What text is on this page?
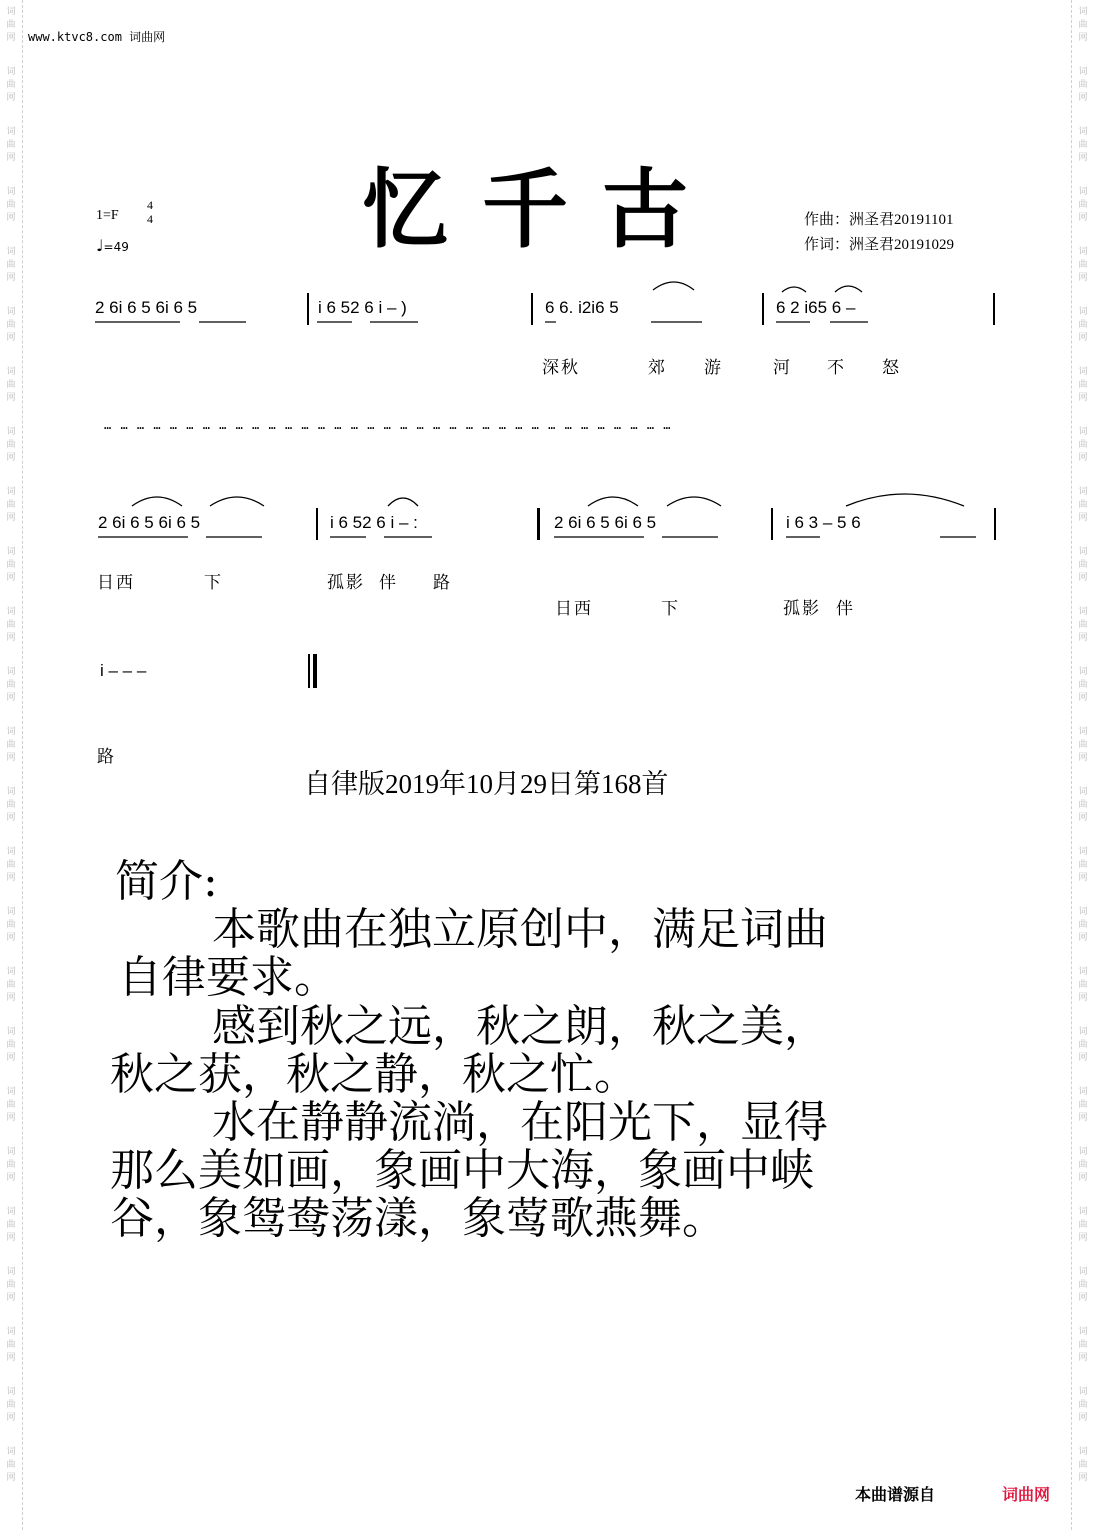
词
曲
网
词
曲
网
词
曲
网
词
曲
网
词
曲
网
词
曲
网
词
曲
网
词
曲
网
词
曲
网
词
曲
网
词
曲
网
词
曲
网
词
曲
网
词
曲
网
词
曲
网
词
曲
网
词
曲
网
词
曲
网
词
曲
网
词
曲
网
词
曲
网
词
曲
网
词
曲
网
词
曲
网
词
曲
网
词
曲
网
词
曲
网
词
曲
网
词
曲
网
词
曲
网
词
曲
网
词
曲
网
词
曲
网
词
曲
网
词
曲
网
词
曲
网
词
曲
网
词
曲
网
词
曲
网
词
曲
网
词
曲
网
词
曲
网
词
曲
网
词
曲
网
词
曲
网
词
曲
网
词
曲
网
词
曲
网
词
曲
网
词
曲
网
www.ktvc8.com 词曲网
忆千古
1=F
4
4
♩=49
作曲：洲圣君20191101
作词：洲圣君20191029
2 6i 6 5 6i 6 5	i 6 52 6 i – )	6 6. i2i6 5	6 2 i65 6 –
深秋	郊 游	河 不 怒
… … … … … … … … … … … … … … … … … … … … … … … … … … … … … … … … … … …
2 6i 6 5 6i 6 5	i 6 52 6 i – :	2 6i 6 5 6i 6 5	i 6 3 – 5 6
日西	下	孤影 伴 路
日西	下	孤影 伴
i – – –
路
自律版2019年10月29日第168首
简介:
本歌曲在独立原创中，满足词曲
自律要求。
感到秋之远，秋之朗，秋之美，
秋之获，秋之静，秋之忙。
水在静静流淌，在阳光下，显得
那么美如画，象画中大海，象画中峡
谷，象鸳鸯荡漾，象莺歌燕舞。
本曲谱源自	词曲网
